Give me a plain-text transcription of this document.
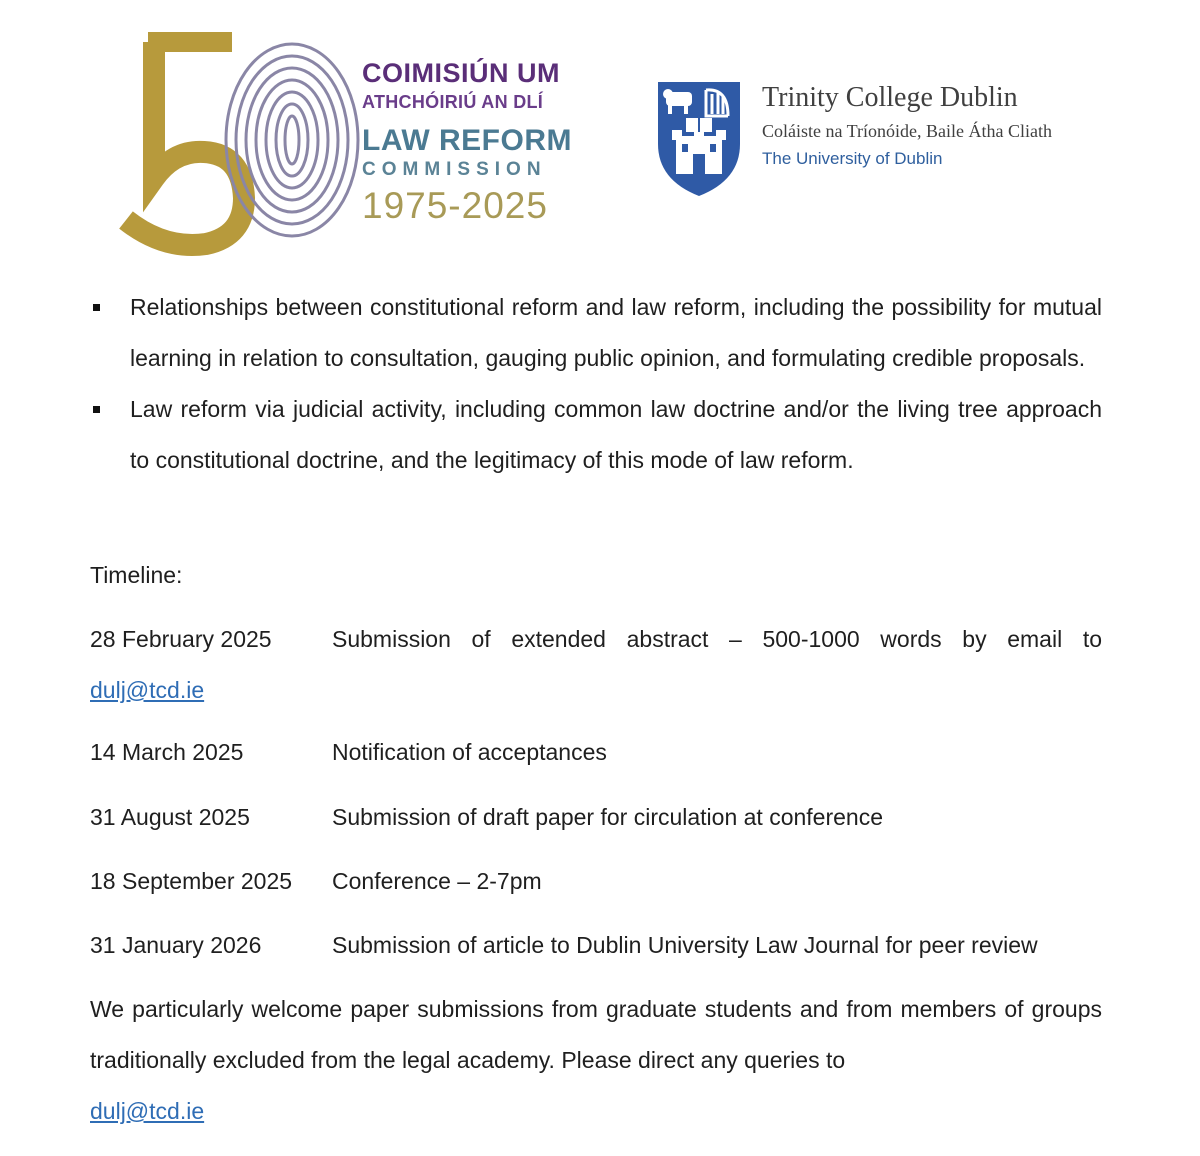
COIMISIÚN UM
ATHCHÓIRIÚ AN DLÍ
LAW REFORM
COMMISSION
1975-2025
Trinity College Dublin
Coláiste na Tríonóide, Baile Átha Cliath
The University of Dublin
Relationships between constitutional reform and law reform, including the possibility for mutual learning in relation to consultation, gauging public opinion, and formulating credible proposals.
Law reform via judicial activity, including common law doctrine and/or the living tree approach to constitutional doctrine, and the legitimacy of this mode of law reform.
Timeline:
28 February 2025	Submission of extended abstract – 500-1000 words by email to
dulj@tcd.ie
14 March 2025	Notification of acceptances
31 August 2025	Submission of draft paper for circulation at conference
18 September 2025 Conference – 2-7pm
31 January 2026	Submission of article to Dublin University Law Journal for peer review

We particularly welcome paper submissions from graduate students and from members of groups traditionally excluded from the legal academy. Please direct any queries to
dulj@tcd.ie
